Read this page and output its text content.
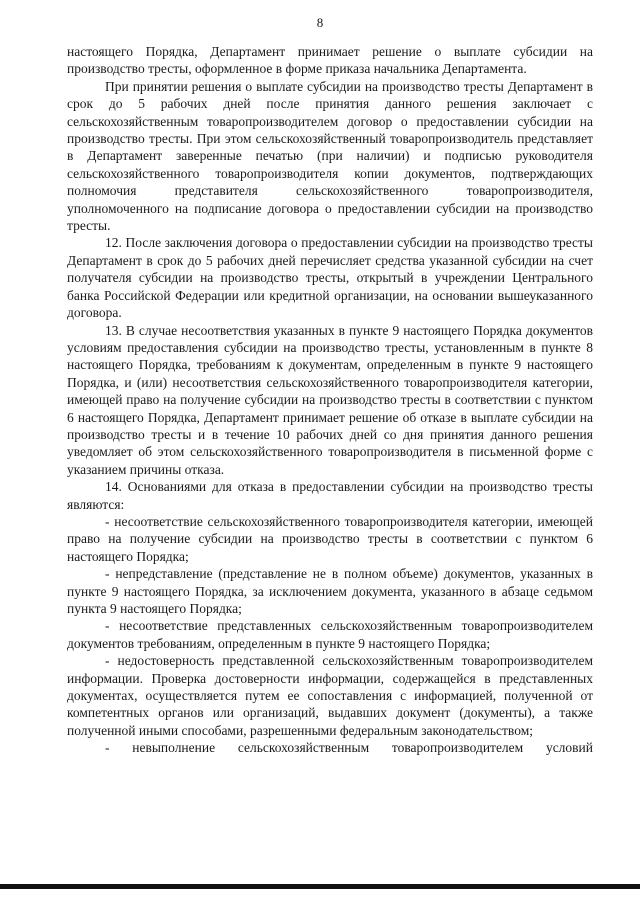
8

настоящего Порядка, Департамент принимает решение о выплате субсидии на производство тресты, оформленное в форме приказа начальника Департамента.

При принятии решения о выплате субсидии на производство тресты Департамент в срок до 5 рабочих дней после принятия данного решения заключает с сельскохозяйственным товаропроизводителем договор о предоставлении субсидии на производство тресты. При этом сельскохозяйственный товаропроизводитель представляет в Департамент заверенные печатью (при наличии) и подписью руководителя сельскохозяйственного товаропроизводителя копии документов, подтверждающих полномочия представителя сельскохозяйственного товаропроизводителя, уполномоченного на подписание договора о предоставлении субсидии на производство тресты.

12. После заключения договора о предоставлении субсидии на производство тресты Департамент в срок до 5 рабочих дней перечисляет средства указанной субсидии на счет получателя субсидии на производство тресты, открытый в учреждении Центрального банка Российской Федерации или кредитной организации, на основании вышеуказанного договора.

13. В случае несоответствия указанных в пункте 9 настоящего Порядка документов условиям предоставления субсидии на производство тресты, установленным в пункте 8 настоящего Порядка, требованиям к документам, определенным в пункте 9 настоящего Порядка, и (или) несоответствия сельскохозяйственного товаропроизводителя категории, имеющей право на получение субсидии на производство тресты в соответствии с пунктом 6 настоящего Порядка, Департамент принимает решение об отказе в выплате субсидии на производство тресты и в течение 10 рабочих дней со дня принятия данного решения уведомляет об этом сельскохозяйственного товаропроизводителя в письменной форме с указанием причины отказа.

14. Основаниями для отказа в предоставлении субсидии на производство тресты являются:

- несоответствие сельскохозяйственного товаропроизводителя категории, имеющей право на получение субсидии на производство тресты в соответствии с пунктом 6 настоящего Порядка;

- непредставление (представление не в полном объеме) документов, указанных в пункте 9 настоящего Порядка, за исключением документа, указанного в абзаце седьмом пункта 9 настоящего Порядка;

- несоответствие представленных сельскохозяйственным товаропроизводителем документов требованиям, определенным в пункте 9 настоящего Порядка;

- недостоверность представленной сельскохозяйственным товаропроизводителем информации. Проверка достоверности информации, содержащейся в представленных документах, осуществляется путем ее сопоставления с информацией, полученной от компетентных органов или организаций, выдавших документ (документы), а также полученной иными способами, разрешенными федеральным законодательством;

- невыполнение сельскохозяйственным товаропроизводителем условий
